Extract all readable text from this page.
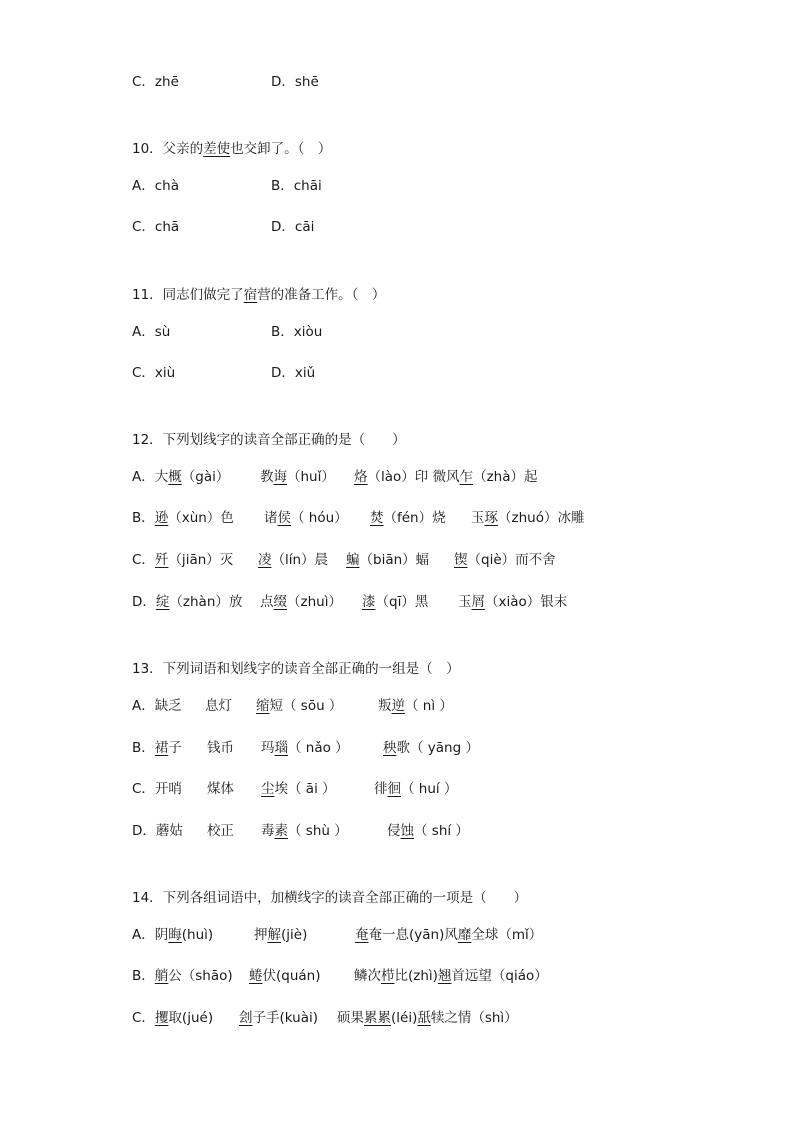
C．zhē	D．shē
10．父亲的差使也交卸了。（　）
A．chà	B．chāi
C．chā	D．cāi
11．同志们做完了宿营的准备工作。（　）
A．sù	B．xiòu
C．xiù	D．xiǔ
12．下列划线字的读音全部正确的是（　　）
A．大概（gài） 教诲（huǐ） 烙（lào）印 微风乍（zhà）起
B．逊（xùn）色 诸侯（ hóu） 焚（fén）烧 玉琢（zhuó）冰雕
C．歼（jiān）灭 凌（lín）晨 蝙（biān）蝠 锲（qiè）而不舍
D．绽（zhàn）放 点缀（zhuì） 漆（qī）黑 玉屑（xiào）银末
13．下列词语和划线字的读音全部正确的一组是（　）
A．缺乏 息灯 缩短（ sōu ）	叛逆（ nì ）
B．裙子 钱币 玛瑙（ nǎo ）	秧歌（ yāng ）
C．开哨 煤体 尘埃（ āi ）	徘徊（ huí ）
D．蘑姑 校正 毒素（ shù ）	侵蚀（ shí ）
14．下列各组词语中，加横线字的读音全部正确的一项是（　　）
A．阴晦(huì)	押解(jiè)	奄奄一息(yān)风靡全球（mǐ）
B．艄公（shāo) 蜷伏(quán) 鳞次栉比(zhì)翘首远望（qiáo）
C．攫取(jué) 刽子手(kuài) 硕果累累(léi)舐犊之情（shì）
